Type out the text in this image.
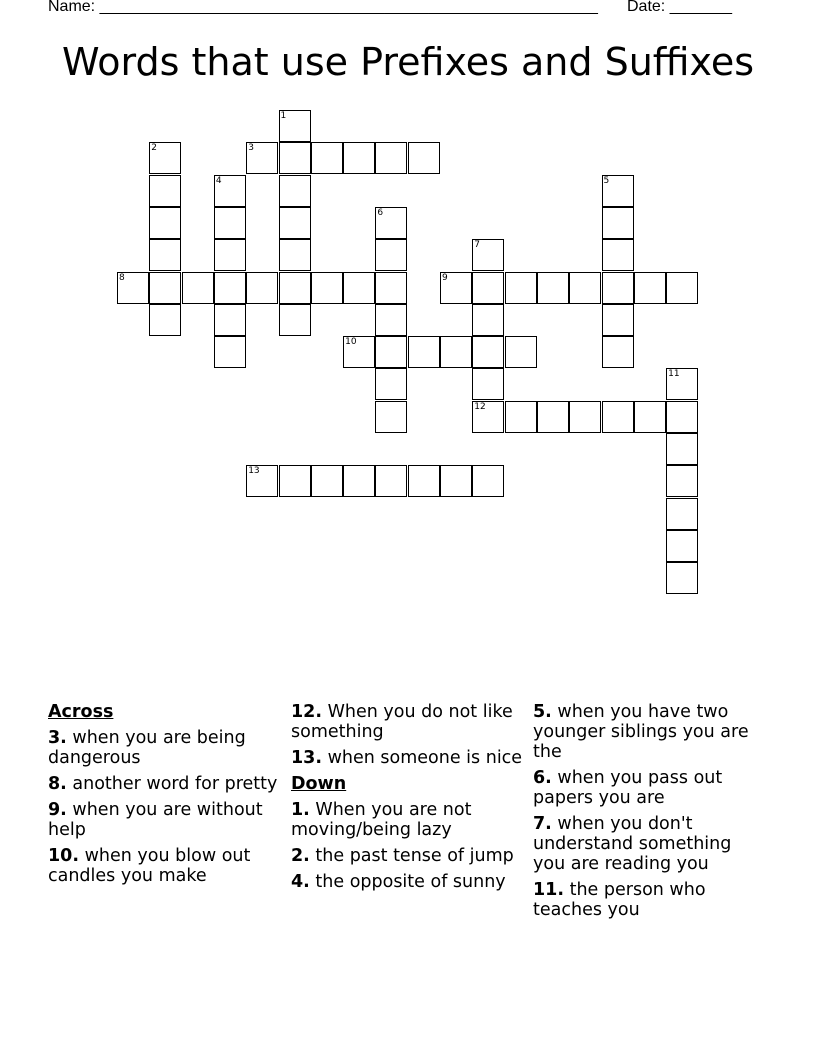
Name: ________________________________________________________ Date: _______
Words that use Prefixes and Suffixes
1
2	3
4	5
6
7
12
8	9
10
11
13
Across
3. when you are being dangerous
8. another word for pretty
9. when you are without help
10. when you blow out candles you make
12. When you do not like something
13. when someone is nice
Down
1. When you are not moving/being lazy
2. the past tense of jump
4. the opposite of sunny
5. when you have two younger siblings you are the
6. when you pass out papers you are
7. when you don't understand something you are reading you
11. the person who teaches you
